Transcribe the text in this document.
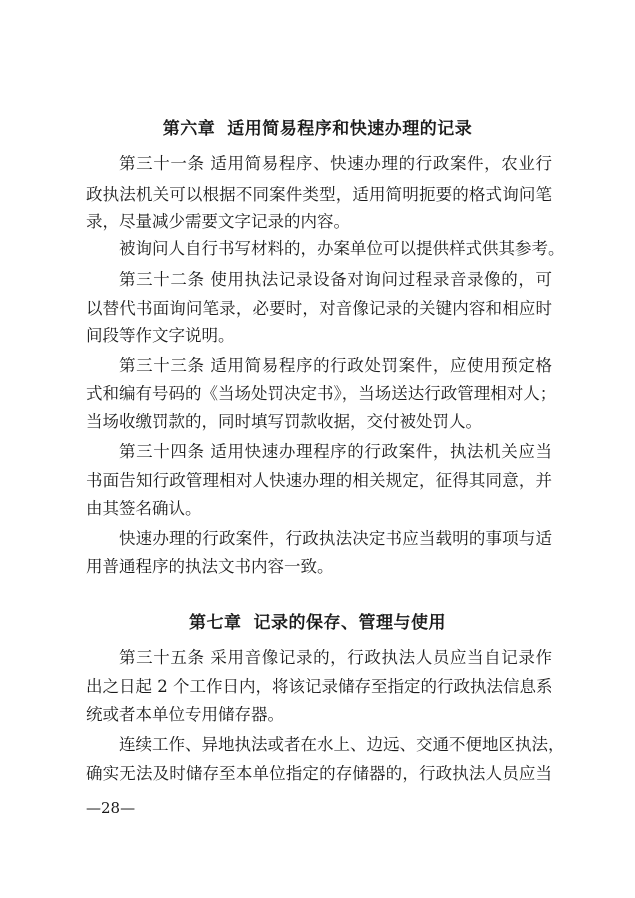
第六章 适用简易程序和快速办理的记录
第三十一条 适用简易程序、快速办理的行政案件，农业行
政执法机关可以根据不同案件类型，适用简明扼要的格式询问笔
录，尽量减少需要文字记录的内容。
被询问人自行书写材料的，办案单位可以提供样式供其参考。
第三十二条 使用执法记录设备对询问过程录音录像的，可
以替代书面询问笔录，必要时，对音像记录的关键内容和相应时
间段等作文字说明。
第三十三条 适用简易程序的行政处罚案件，应使用预定格
式和编有号码的《当场处罚决定书》，当场送达行政管理相对人；
当场收缴罚款的，同时填写罚款收据，交付被处罚人。
第三十四条 适用快速办理程序的行政案件，执法机关应当
书面告知行政管理相对人快速办理的相关规定，征得其同意，并
由其签名确认。
快速办理的行政案件，行政执法决定书应当载明的事项与适
用普通程序的执法文书内容一致。
第七章 记录的保存、管理与使用
第三十五条 采用音像记录的，行政执法人员应当自记录作
出之日起 2 个工作日内，将该记录储存至指定的行政执法信息系
统或者本单位专用储存器。
连续工作、异地执法或者在水上、边远、交通不便地区执法，
确实无法及时储存至本单位指定的存储器的，行政执法人员应当
—28—
